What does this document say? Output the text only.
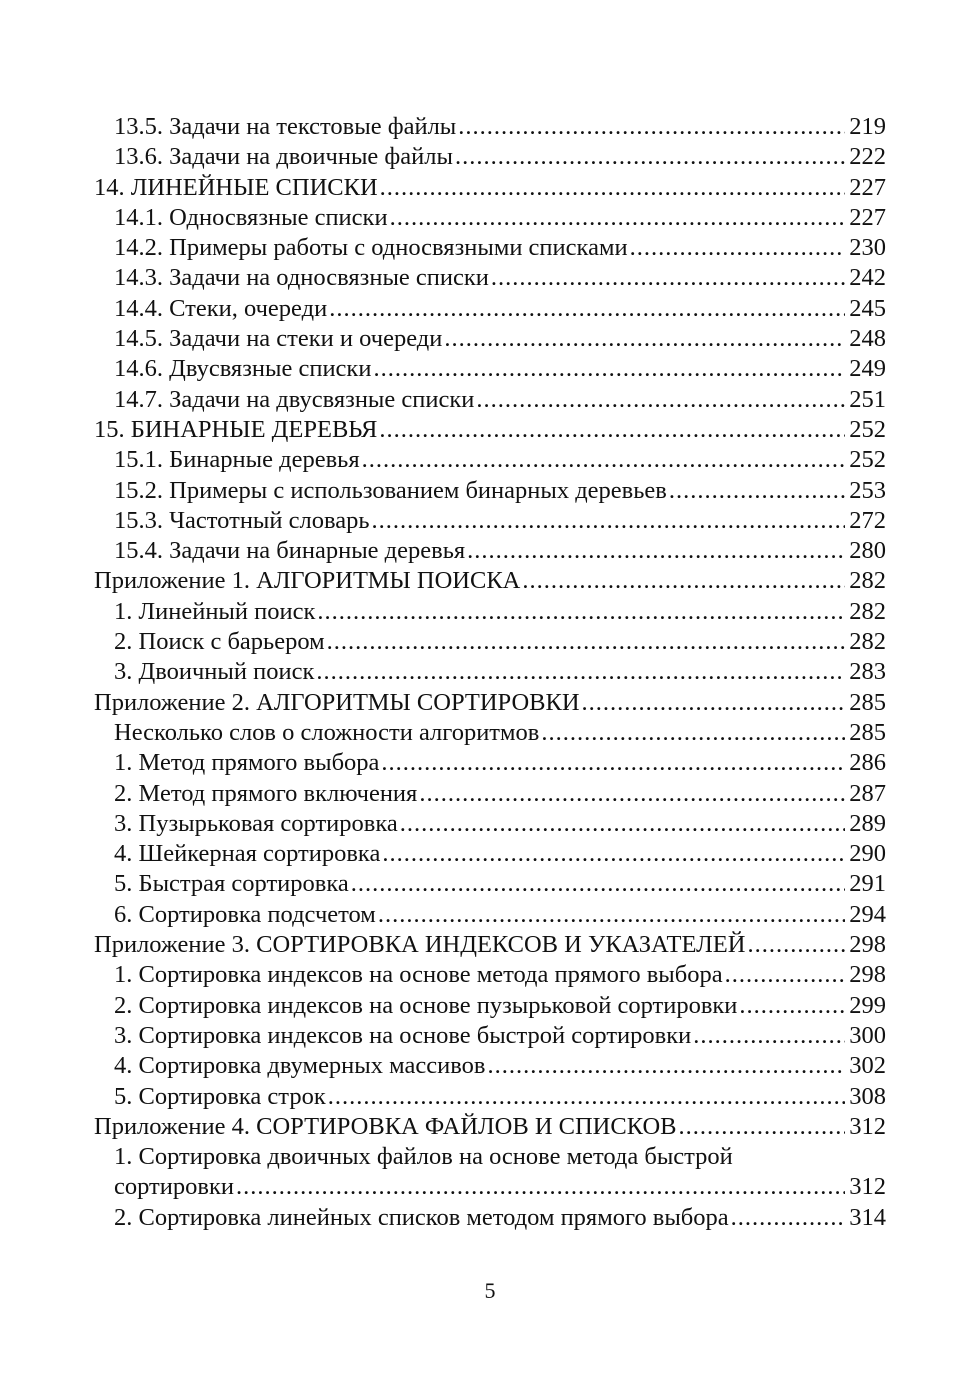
13.5. Задачи на текстовые файлы .....	219
13.6. Задачи на двоичные файлы .....	222
14. ЛИНЕЙНЫЕ СПИСКИ .....	227
14.1. Односвязные списки .....	227
14.2. Примеры работы с односвязными списками .....	230
14.3. Задачи на односвязные списки .....	242
14.4. Стеки, очереди .....	245
14.5. Задачи на стеки и очереди .....	248
14.6. Двусвязные списки .....	249
14.7. Задачи на двусвязные списки .....	251
15. БИНАРНЫЕ ДЕРЕВЬЯ .....	252
15.1. Бинарные деревья .....	252
15.2. Примеры с использованием бинарных деревьев .....	253
15.3. Частотный словарь .....	272
15.4. Задачи на бинарные деревья .....	280
Приложение 1. АЛГОРИТМЫ ПОИСКА .....	282
1. Линейный поиск .....	282
2. Поиск с барьером .....	282
3. Двоичный поиск .....	283
Приложение 2. АЛГОРИТМЫ СОРТИРОВКИ .....	285
Несколько слов о сложности алгоритмов .....	285
1. Метод прямого выбора .....	286
2. Метод прямого включения .....	287
3. Пузырьковая сортировка .....	289
4. Шейкерная сортировка .....	290
5. Быстрая сортировка .....	291
6. Сортировка подсчетом .....	294
Приложение 3. СОРТИРОВКА ИНДЕКСОВ И УКАЗАТЕЛЕЙ .....	298
1. Сортировка индексов на основе метода прямого выбора .....	298
2. Сортировка индексов на основе пузырьковой сортировки .....	299
3. Сортировка индексов на основе быстрой сортировки .....	300
4. Сортировка двумерных массивов .....	302
5. Сортировка строк .....	308
Приложение 4. СОРТИРОВКА ФАЙЛОВ И СПИСКОВ .....	312
1. Сортировка двоичных файлов на основе метода быстрой
сортировки .....	312
2. Сортировка линейных списков методом прямого выбора .....	314
5
